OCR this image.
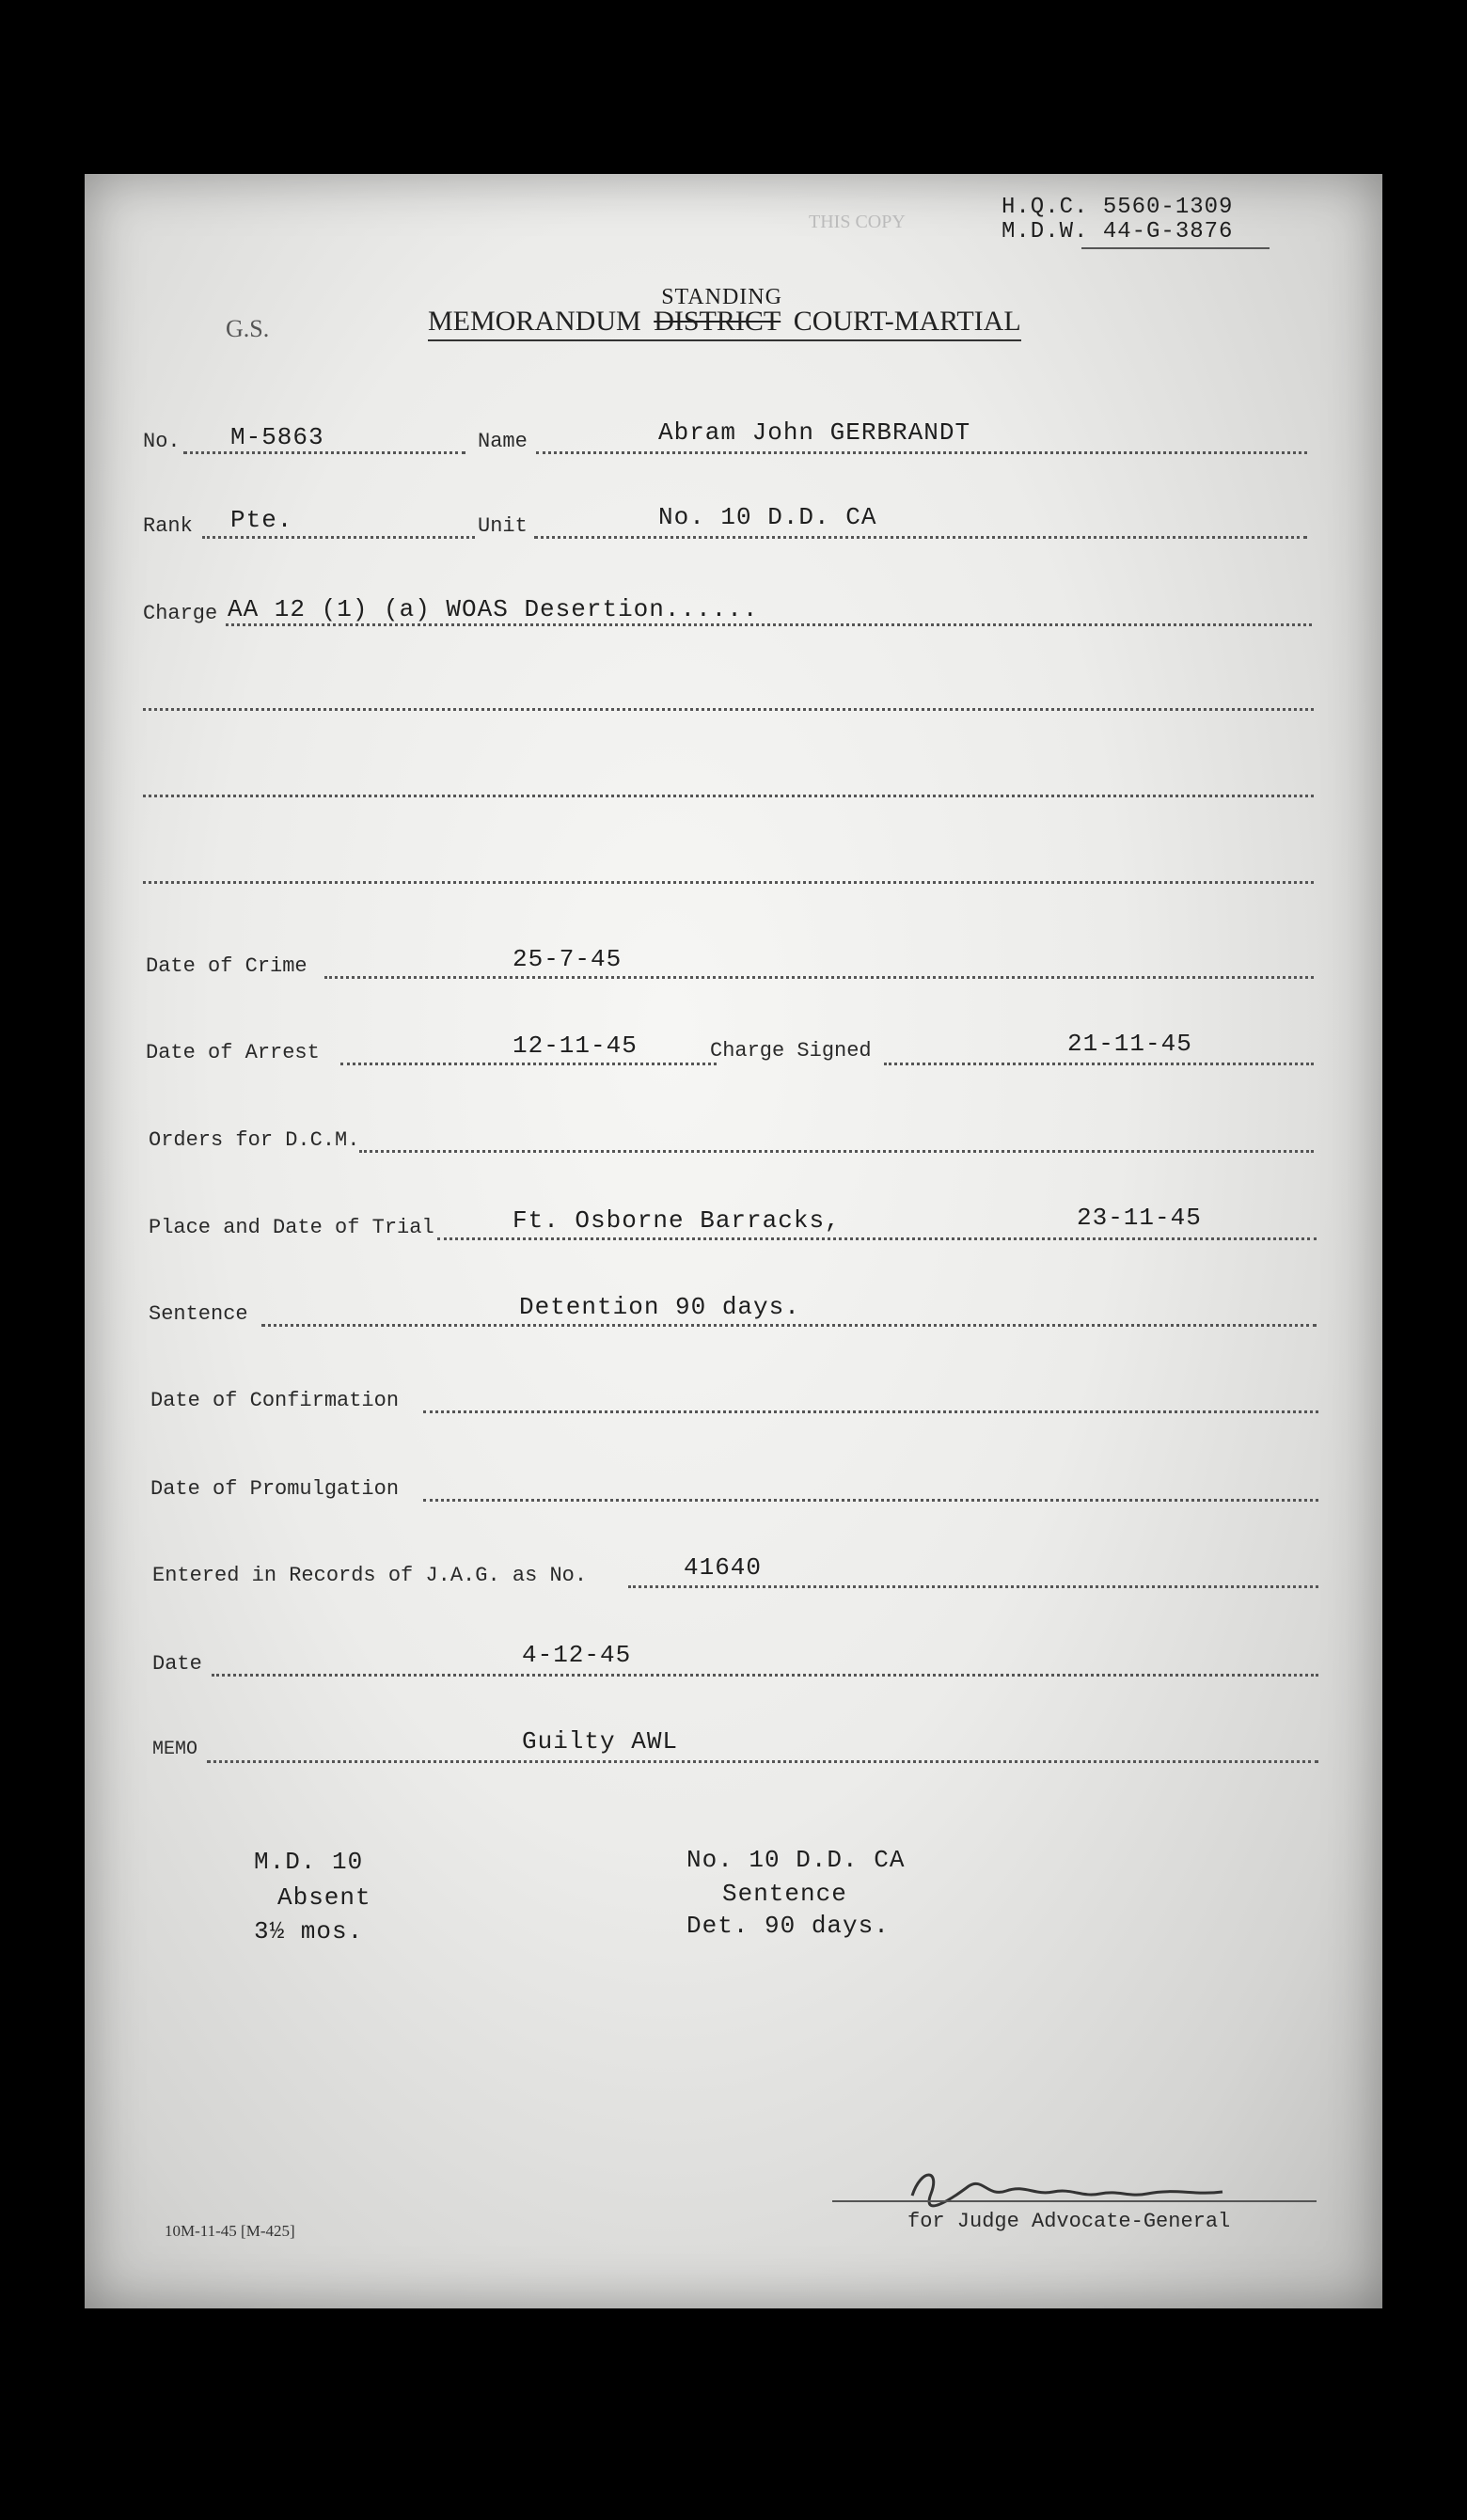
THIS COPY
H.Q.C. 5560-1309
M.D.W. 44-G-3876
G.S.	MEMORANDUM
STANDING
DISTRICT COURT-MARTIAL
No. M-5863	Name	Abram John GERBRANDT
Rank Pte.	Unit	No. 10 D.D. CA
Charge AA 12 (1) (a) WOAS Desertion......
Date of Crime	25-7-45
Date of Arrest	12-11-45	Charge Signed	21-11-45
Orders for D.C.M.
Place and Date of Trial	Ft. Osborne Barracks,	23-11-45
Sentence	Detention 90 days.
Date of Confirmation
Date of Promulgation
Entered in Records of J.A.G. as No.	41640
Date	4-12-45
MEMO	Guilty AWL
M.D. 10
Absent
3½ mos.
No. 10 D.D. CA
Sentence
Det. 90 days.
for Judge Advocate-General
10M-11-45 [M-425]
